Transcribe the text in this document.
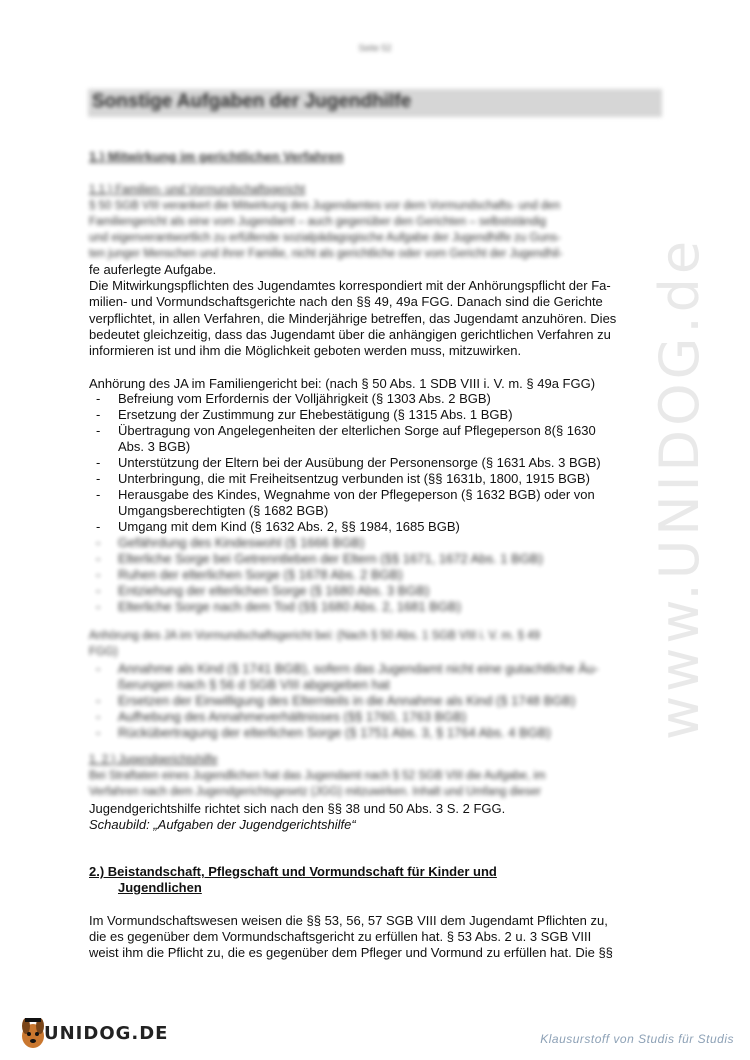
Seite 52
Sonstige Aufgaben der Jugendhilfe
1.) Mitwirkung im gerichtlichen Verfahren
1.1.) Familien- und Vormundschaftsgericht
§ 50 SGB VIII verankert die Mitwirkung des Jugendamtes vor dem Vormundschafts- und den
Familiengericht als eine vom Jugendamt – auch gegenüber den Gerichten – selbstständig
und eigenverantwortlich zu erfüllende sozialpädagogische Aufgabe der Jugendhilfe zu Guns-
ten junger Menschen und ihrer Familie, nicht als gerichtliche oder vom Gericht der Jugendhil-
fe auferlegte Aufgabe.
Die Mitwirkungspflichten des Jugendamtes korrespondiert mit der Anhörungspflicht der Fa-
milien- und Vormundschaftsgerichte nach den §§ 49, 49a FGG. Danach sind die Gerichte
verpflichtet, in allen Verfahren, die Minderjährige betreffen, das Jugendamt anzuhören. Dies
bedeutet gleichzeitig, dass das Jugendamt über die anhängigen gerichtlichen Verfahren zu
informieren ist und ihm die Möglichkeit geboten werden muss, mitzuwirken.
Anhörung des JA im Familiengericht bei: (nach § 50 Abs. 1 SDB VIII i. V. m. § 49a FGG)
- Befreiung vom Erfordernis der Volljährigkeit (§ 1303 Abs. 2 BGB)
- Ersetzung der Zustimmung zur Ehebestätigung (§ 1315 Abs. 1 BGB)
- Übertragung von Angelegenheiten der elterlichen Sorge auf Pflegeperson 8(§ 1630
Abs. 3 BGB)
- Unterstützung der Eltern bei der Ausübung der Personensorge (§ 1631 Abs. 3 BGB)
- Unterbringung, die mit Freiheitsentzug verbunden ist (§§ 1631b, 1800, 1915 BGB)
- Herausgabe des Kindes, Wegnahme von der Pflegeperson (§ 1632 BGB) oder von
Umgangsberechtigten (§ 1682 BGB)
- Umgang mit dem Kind (§ 1632 Abs. 2, §§ 1984, 1685 BGB)
- Gefährdung des Kindeswohl (§ 1666 BGB)
- Elterliche Sorge bei Getrenntleben der Eltern (§§ 1671, 1672 Abs. 1 BGB)
- Ruhen der elterlichen Sorge (§ 1678 Abs. 2 BGB)
- Entziehung der elterlichen Sorge (§ 1680 Abs. 3 BGB)
- Elterliche Sorge nach dem Tod (§§ 1680 Abs. 2, 1681 BGB)
Anhörung des JA im Vormundschaftsgericht bei: (Nach § 50 Abs. 1 SGB VIII i. V. m. § 49
FGG)
- Annahme als Kind (§ 1741 BGB), sofern das Jugendamt nicht eine gutachtliche Äu-
ßerungen nach § 56 d SGB VIII abgegeben hat
- Ersetzen der Einwilligung des Elternteils in die Annahme als Kind (§ 1748 BGB)
- Aufhebung des Annahmeverhältnisses (§§ 1760, 1763 BGB)
- Rückübertragung der elterlichen Sorge (§ 1751 Abs. 3, § 1764 Abs. 4 BGB)
1. 2.) Jugendgerichtshilfe
Bei Straftaten eines Jugendlichen hat das Jugendamt nach § 52 SGB VIII die Aufgabe, im
Verfahren nach dem Jugendgerichtsgesetz (JGG) mitzuwirken. Inhalt und Umfang dieser
Jugendgerichtshilfe richtet sich nach den §§ 38 und 50 Abs. 3 S. 2 FGG.
Schaubild: „Aufgaben der Jugendgerichtshilfe“
2.) Beistandschaft, Pflegschaft und Vormundschaft für Kinder und
Jugendlichen
Im Vormundschaftswesen weisen die §§ 53, 56, 57 SGB VIII dem Jugendamt Pflichten zu,
die es gegenüber dem Vormundschaftsgericht zu erfüllen hat. § 53 Abs. 2 u. 3 SGB VIII
weist ihm die Pflicht zu, die es gegenüber dem Pfleger und Vormund zu erfüllen hat. Die §§
www.UNIDOG.de
UNIDOG.DE	Klausurstoff von Studis für Studis
